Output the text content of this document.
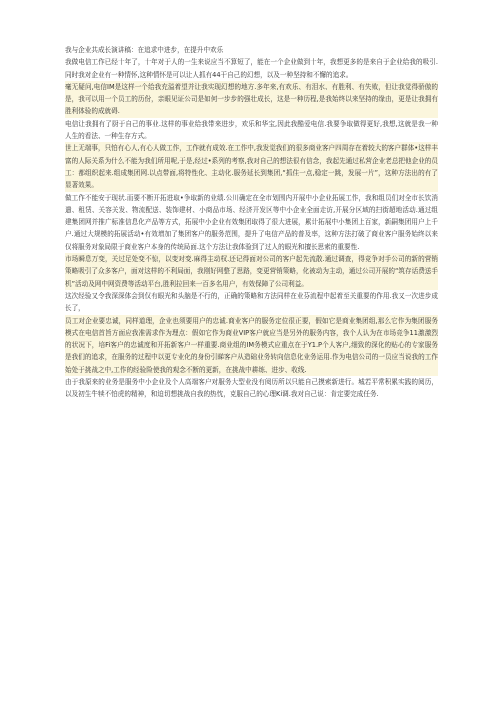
我与企业共成长演讲稿：在追求中进步，在提升中欢乐

我做电信工作已经十年了，十年对于人的一生来说应当不算短了，能在一个企业做到十年，我想更多的是来自于企业给我的吸引.同时我对企业有一种情怀,这种情怀是可以让人抓有44干自己的幻想，以及一种坚持和不懈的追求。

毫无疑问,电信IM是这样一个给我充溢着望并让我实现幻想的地方.多年来,有欢乐、有泪水、有胜利、有失败，但让我觉得骄傲的是，我可以用一个员工的历份，亲眼见证公司是如何一步步的强壮成长，这是一种历程,是我始终以来坚持的缘由，更是让我拥有胜利体验的成就碍.

电信让我拥有了厨于自己的事业.这样的事业给我带来进步，欢乐和华宝,因此我酷爱电信.我要争取做得更好,我想,这就是我一种人生的看法、一种生存方式。

世上无端事，只怕有心人,有心人做工作，工作就有成效.在工作中,我发觉我们的很多商业客户四周存在着较大的客户群体•这样丰富的人际关系为什么不能为我们所用呢,于是,经过•系列的考察,我对自己的想法很有信念，我起先通过私营企业老总把他企业的员工：都组织起来.组成集团网.以点带面,将特性化、主动化.服务延长到集团,“抓住一点,稳定一跳，发展一片”，这种方法出的有了显著效果。

做工作不能安于现状.而要不断开拓进取•争取新的业绩.公川确定在全市划围内开展中小企业拓展工作，我和组员们对全市长饮消遣、租赁、关容关发、物流配送、装饰建材、小商品市场、经济开发区等中小企业全面走访,开展分区域的扫街超地活动.通过组建集团网并推广标准信息化产品等方式，拓展中小企业有效集团取得了很大进展，累计拓展中小集团上百家，新嗣集团用户上千户.通过大规模的拓展活动•有效增加了集团客户的服务范围，提升了电信产品的普及率，这种方法打破了商业客户服务始终以来仅将服务对象局限于商业客户本身的传统局面.这个方法让我体验到了过人的眼光和擅长思索的重要性.

市场瞬息万变，关过足处变不惊，以变对变.麻得主动权.还记得面对公司的客户起先流散.通过调查，得竞争对手公司的新的营销策略吸引了众多客户，面对这样的不利局面，我刚好网整了思路，变更营销策略，化被动为主动，通过公司开展的“筑存话费送手机”活动及网中网资费等活动平台,胜利拉回来一百多名用户，有效保障了公司利益。

这次经验又令我深深体会到仅有眼光和头脑是不行的，正确的策略和方法同样在业芬流程中起着至关重要的作用.我又一次进步成长了，

员工对企业要忠诚，同样道理，企业也须要用户的忠诚.商业客户的服务定位很正要，假如它是商业集团组,那么它作为集团服务模式在电信首旨方面应我准需求作为理点：假如它作为商业VIP客户就应当是另外的服务内容，我个人认为在市场竞争11激激烈的状况下，培Fi客户的忠诚度和开拓新客户一样重要.商业组的IM务模式应重点在于Y1.P个人客户,细致的深化的贴心的专家服务是我们的追求，在服务的过程中以更专业化的身份引睇客户从造础业务转向信息化业务运用.作为电信公司的一员应当说我的工作始处于挑战之中,工作的经验险使我的观念不断的更新，在挑战中耕练、进步、收线.

由于我原来的业务是服务中小企业及个人高端客户对服务大型业没有阅历所以只能自己摸索新进行。城若平常积累实践的阅历，以及初生牛犊不怕虎的精神，和迫切想挑战自我的热忱，克服自己的心理Ki调.我对自己说：肯定要完成任务.
